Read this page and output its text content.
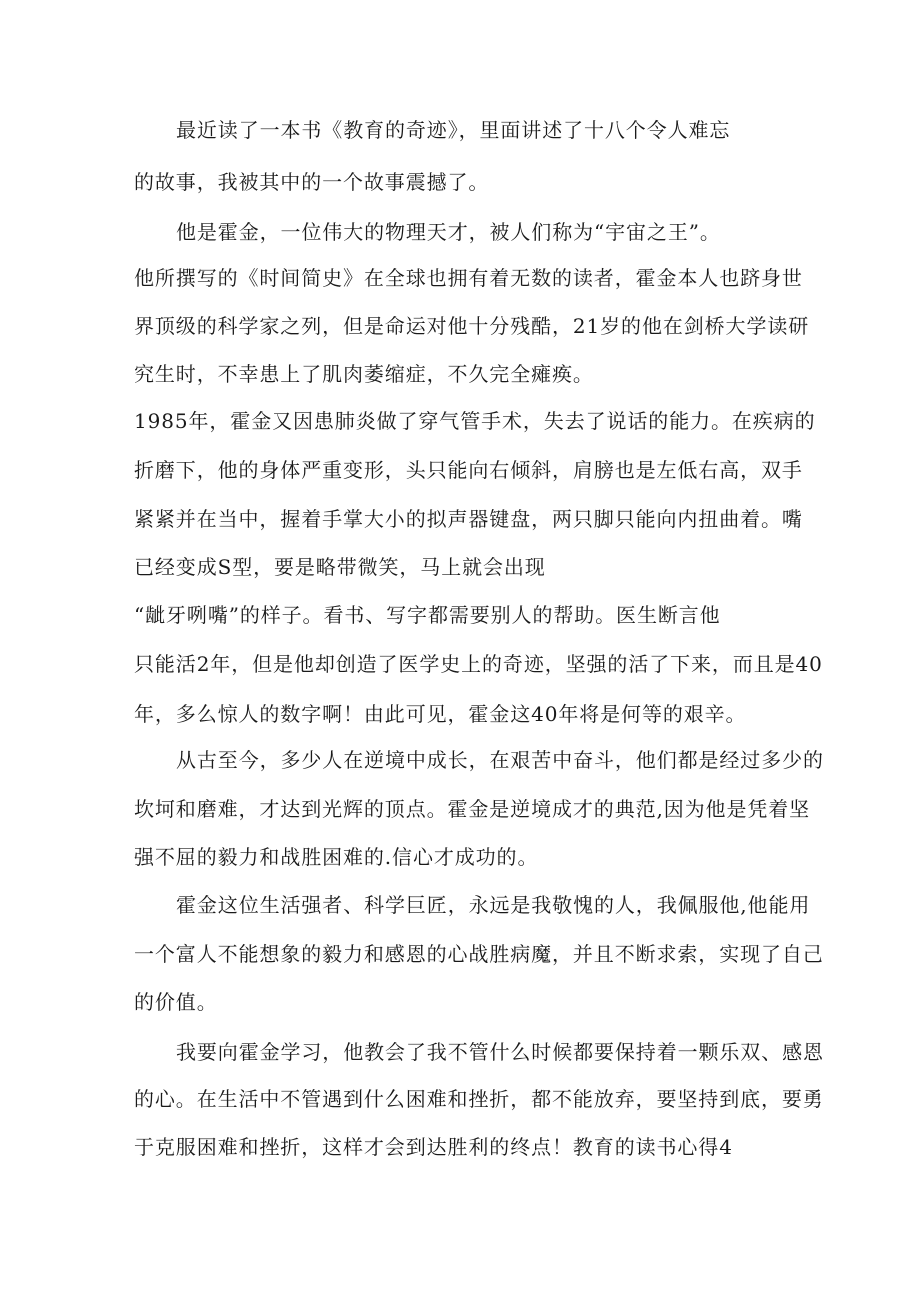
最近读了一本书《教育的奇迹》，里面讲述了十八个令人难忘
的故事，我被其中的一个故事震撼了。
他是霍金，一位伟大的物理天才，被人们称为“宇宙之王”。
他所撰写的《时间简史》在全球也拥有着无数的读者，霍金本人也跻身世
界顶级的科学家之列，但是命运对他十分残酷，21岁的他在剑桥大学读研
究生时，不幸患上了肌肉萎缩症，不久完全瘫痪。
1985年，霍金又因患肺炎做了穿气管手术，失去了说话的能力。在疾病的
折磨下，他的身体严重变形，头只能向右倾斜，肩膀也是左低右高，双手
紧紧并在当中，握着手掌大小的拟声器键盘，两只脚只能向内扭曲着。嘴
已经变成S型，要是略带微笑，马上就会出现
“龇牙咧嘴”的样子。看书、写字都需要别人的帮助。医生断言他
只能活2年，但是他却创造了医学史上的奇迹，坚强的活了下来，而且是40
年，多么惊人的数字啊！由此可见，霍金这40年将是何等的艰辛。
从古至今，多少人在逆境中成长，在艰苦中奋斗，他们都是经过多少的
坎坷和磨难，才达到光辉的顶点。霍金是逆境成才的典范,因为他是凭着坚
强不屈的毅力和战胜困难的.信心才成功的。
霍金这位生活强者、科学巨匠，永远是我敬愧的人，我佩服他,他能用
一个富人不能想象的毅力和感恩的心战胜病魔，并且不断求索，实现了自己
的价值。
我要向霍金学习，他教会了我不管什么时候都要保持着一颗乐双、感恩
的心。在生活中不管遇到什么困难和挫折，都不能放弃，要坚持到底，要勇
于克服困难和挫折，这样才会到达胜利的终点！教育的读书心得4
